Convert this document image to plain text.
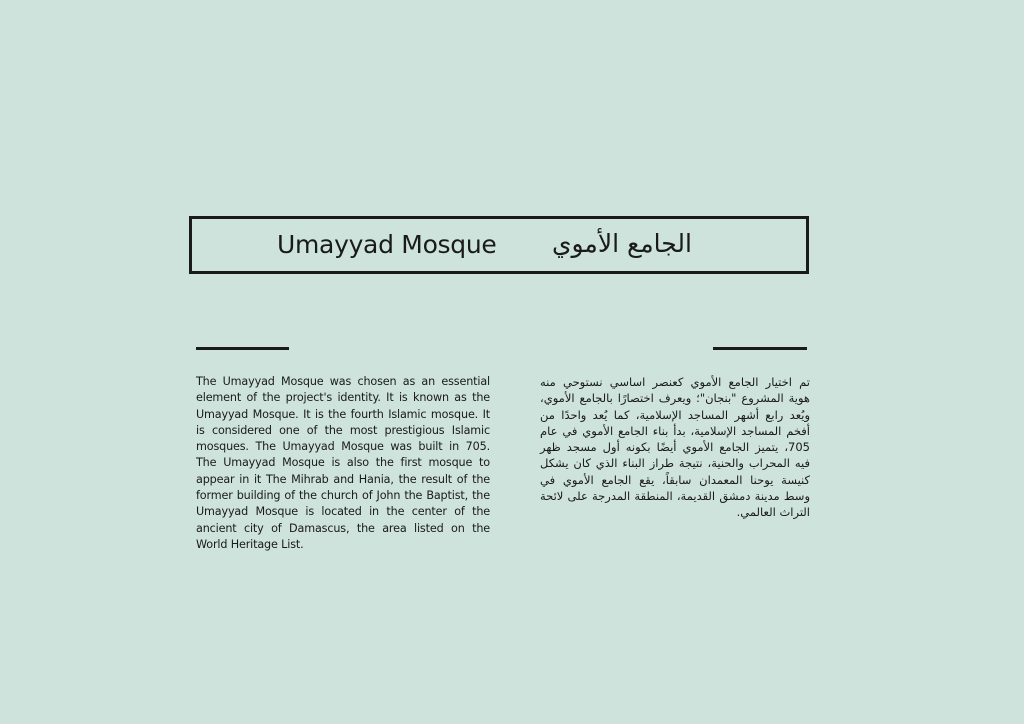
Umayyad Mosque الجامع الأموي

The Umayyad Mosque was chosen as an essential element of the project's identity. It is known as the Umayyad Mosque. It is the fourth Islamic mosque. It is considered one of the most prestigious Islamic mosques. The Umayyad Mosque was built in 705. The Umayyad Mosque is also the first mosque to appear in it The Mihrab and Hania, the result of the former building of the church of John the Baptist, the Umayyad Mosque is located in the center of the ancient city of Damascus, the area listed on the World Heritage List.

تم اختيار الجامع الأموي كعنصر اساسي نستوحي منه هوية المشروع "بنجان"؛ ويعرف اختصارًا بالجامع الأموي، ويُعد رابع أشهر المساجد الإسلامية، كما يُعد واحدًا من أفخم المساجد الإسلامية، بدأ بناء الجامع الأموي في عام 705، يتميز الجامع الأموي أيضًا بكونه أول مسجد ظهر فيه المحراب والحنية، نتيجة طراز البناء الذي كان يشكل كنيسة يوحنا المعمدان سابقاً، يقع الجامع الأموي في وسط مدينة دمشق القديمة، المنطقة المدرجة على لائحة التراث العالمي.
